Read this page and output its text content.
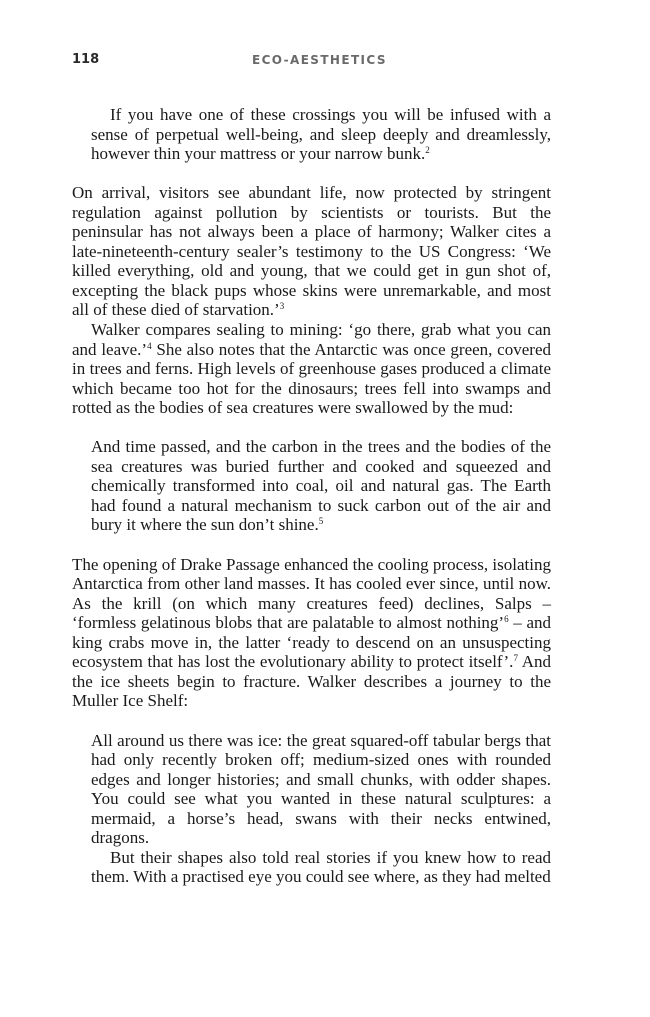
118	ECO-AESTHETICS

If you have one of these crossings you will be infused with a sense of perpetual well-being, and sleep deeply and dreamlessly, however thin your mattress or your narrow bunk.$^2$

On arrival, visitors see abundant life, now protected by stringent regulation against pollution by scientists or tourists. But the peninsular has not always been a place of harmony; Walker cites a late-nineteenth-century sealer’s testimony to the US Congress: ‘We killed everything, old and young, that we could get in gun shot of, excepting the black pups whose skins were unremarkable, and most all of these died of starvation.’$^3$

Walker compares sealing to mining: ‘go there, grab what you can and leave.’$^4$ She also notes that the Antarctic was once green, covered in trees and ferns. High levels of greenhouse gases produced a climate which became too hot for the dinosaurs; trees fell into swamps and rotted as the bodies of sea creatures were swallowed by the mud:

And time passed, and the carbon in the trees and the bodies of the sea creatures was buried further and cooked and squeezed and chemically transformed into coal, oil and natural gas. The Earth had found a natural mechanism to suck carbon out of the air and bury it where the sun don’t shine.$^5$

The opening of Drake Passage enhanced the cooling process, isolating Antarctica from other land masses. It has cooled ever since, until now. As the krill (on which many creatures feed) declines, Salps – ‘formless gelatinous blobs that are palatable to almost nothing’$^6$ – and king crabs move in, the latter ‘ready to descend on an unsuspecting ecosystem that has lost the evolutionary ability to protect itself’.$^7$ And the ice sheets begin to fracture. Walker describes a journey to the Muller Ice Shelf:

All around us there was ice: the great squared-off tabular bergs that had only recently broken off; medium-sized ones with rounded edges and longer histories; and small chunks, with odder shapes. You could see what you wanted in these natural sculptures: a mermaid, a horse’s head, swans with their necks entwined, dragons.

But their shapes also told real stories if you knew how to read them. With a practised eye you could see where, as they had melted
